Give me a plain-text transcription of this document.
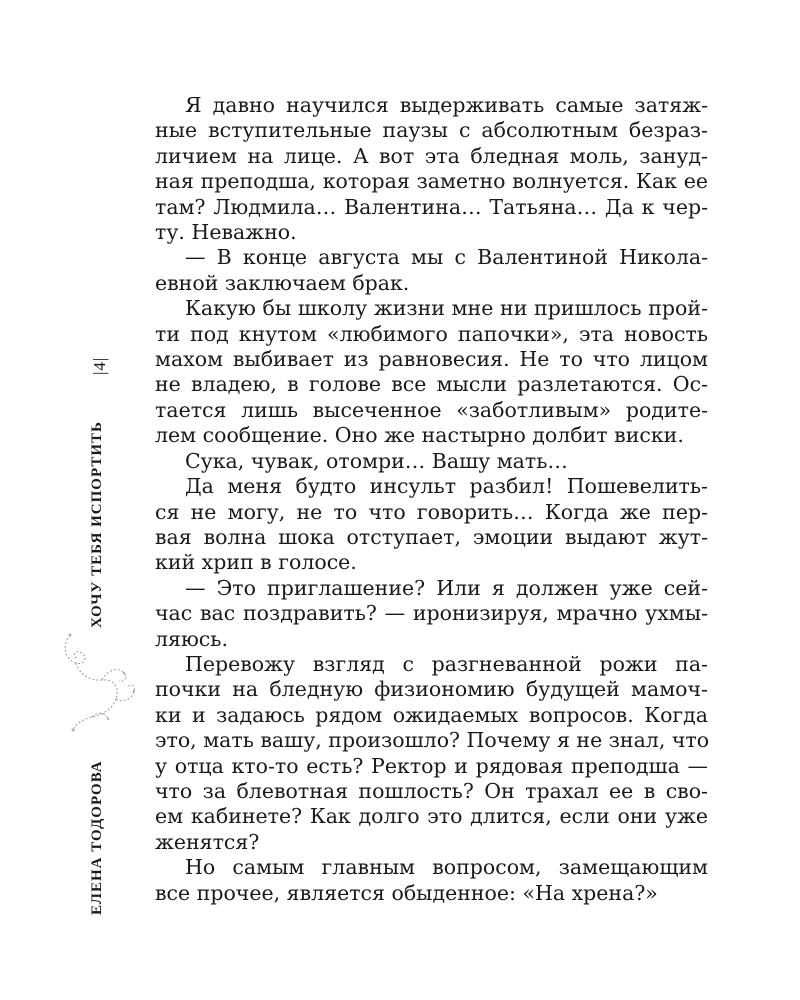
|4|
ХОЧУ ТЕБЯ ИСПОРТИТЬ
ЕЛЕНА ТОДОРОВА
Я давно научился выдерживать самые затяж-
ные вступительные паузы с абсолютным безраз-
личием на лице. А вот эта бледная моль, зануд-
ная преподша, которая заметно волнуется. Как ее
там? Людмила… Валентина… Татьяна… Да к чер-
ту. Неважно.
— В конце августа мы с Валентиной Николa-
евной заключаем брак.
Какую бы школу жизни мне ни пришлось прой-
ти под кнутом «любимого папочки», эта новость
махом выбивает из равновесия. Не то что лицом
не владею, в голове все мысли разлетаются. Ос-
тается лишь высеченное «заботливым» родите-
лем сообщение. Оно же настырно долбит виски.
Сука, чувак, отомри… Вашу мать…
Да меня будто инсульт разбил! Пошевелить-
ся не могу, не то что говорить… Когда же пер-
вая волна шока отступает, эмоции выдают жут-
кий хрип в голосе.
— Это приглашение? Или я должен уже сей-
час вас поздравить? — иронизируя, мрачно ухмы-
ляюсь.
Перевожу взгляд с разгневанной рожи па-
почки на бледную физиономию будущей мамоч-
ки и задаюсь рядом ожидаемых вопросов. Когда
это, мать вашу, произошло? Почему я не знал, что
у отца кто-то есть? Ректор и рядовая преподша —
что за блевотная пошлость? Он трахал ее в сво-
ем кабинете? Как долго это длится, если они уже
женятся?
Но самым главным вопросом, замещающим
все прочее, является обыденное: «На хрена?»
